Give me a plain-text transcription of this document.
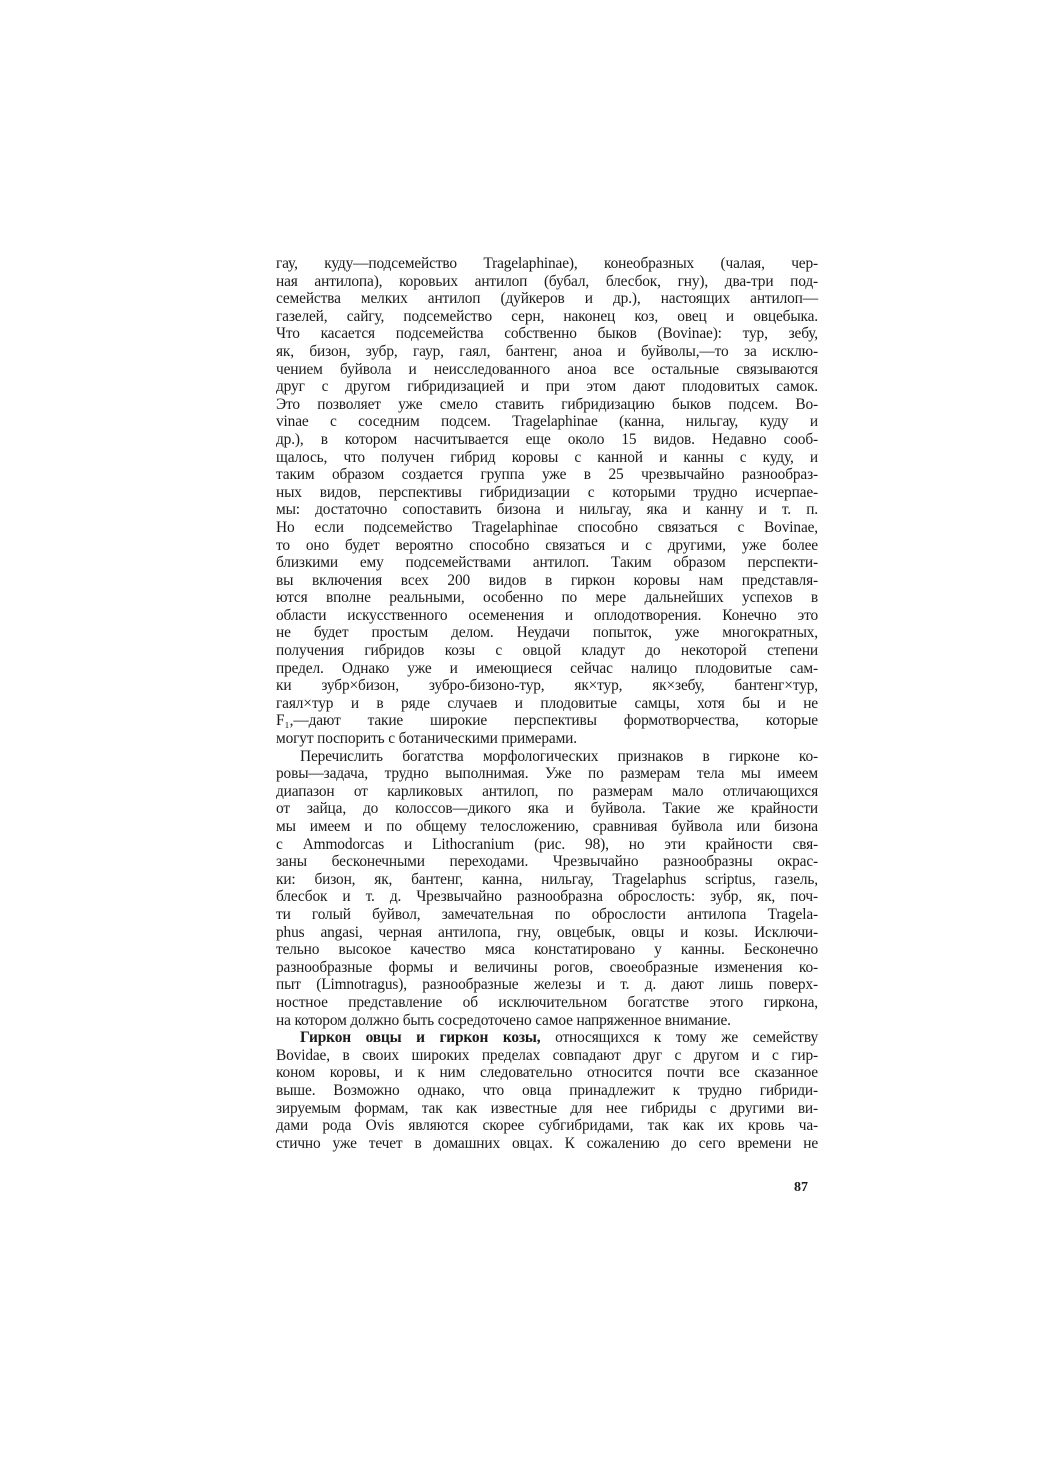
гау, куду—подсемейство Tragelaphinae), конеобразных (чалая, чер-
ная антилопа), коровьих антилоп (бубал, блесбок, гну), два-три под-
семейства мелких антилоп (дуйкеров и др.), настоящих антилоп—
газелей, сайгу, подсемейство серн, наконец коз, овец и овцебыка.
Что касается подсемейства собственно быков (Bovinae): тур, зебу,
як, бизон, зубр, гаур, гаял, бантенг, аноа и буйволы,—то за исклю-
чением буйвола и неисследованного аноа все остальные связываются
друг с другом гибридизацией и при этом дают плодовитых самок.
Это позволяет уже смело ставить гибридизацию быков подсем. Bo-
vinae с соседним подсем. Tragelaphinae (канна, нильгау, куду и
др.), в котором насчитывается еще около 15 видов. Недавно сооб-
щалось, что получен гибрид коровы с канной и канны с куду, и
таким образом создается группа уже в 25 чрезвычайно разнообраз-
ных видов, перспективы гибридизации с которыми трудно исчерпае-
мы: достаточно сопоставить бизона и нильгау, яка и канну и т. п.
Но если подсемейство Tragelaphinae способно связаться с Bovinae,
то оно будет вероятно способно связаться и с другими, уже более
близкими ему подсемействами антилоп. Таким образом перспекти-
вы включения всех 200 видов в гиркон коровы нам представля-
ются вполне реальными, особенно по мере дальнейших успехов в
области искусственного осеменения и оплодотворения. Конечно это
не будет простым делом. Неудачи попыток, уже многократных,
получения гибридов козы с овцой кладут до некоторой степени
предел. Однако уже и имеющиеся сейчас налицо плодовитые сам-
ки зубр×бизон, зубро-бизоно-тур, як×тур, як×зебу, бантенг×тур,
гаял×тур и в ряде случаев и плодовитые самцы, хотя бы и не
F₁,—дают такие широкие перспективы формотворчества, которые
могут поспорить с ботаническими примерами.
Перечислить богатства морфологических признаков в гирконе ко-
ровы—задача, трудно выполнимая. Уже по размерам тела мы имеем
диапазон от карликовых антилоп, по размерам мало отличающихся
от зайца, до колоссов—дикого яка и буйвола. Такие же крайности
мы имеем и по общему телосложению, сравнивая буйвола или бизона
с Ammodorcas и Lithocranium (рис. 98), но эти крайности свя-
заны бесконечными переходами. Чрезвычайно разнообразны окрас-
ки: бизон, як, бантенг, канна, нильгау, Tragelaphus scriptus, газель,
блесбок и т. д. Чрезвычайно разнообразна оброслость: зубр, як, поч-
ти голый буйвол, замечательная по оброслости антилопа Tragela-
phus angasi, черная антилопа, гну, овцебык, овцы и козы. Исключи-
тельно высокое качество мяса констатировано у канны. Бесконечно
разнообразные формы и величины рогов, своеобразные изменения ко-
пыт (Limnotragus), разнообразные железы и т. д. дают лишь поверх-
ностное представление об исключительном богатстве этого гиркона,
на котором должно быть сосредоточено самое напряженное внимание.
Гиркон овцы и гиркон козы, относящихся к тому же семейству
Bovidae, в своих широких пределах совпадают друг с другом и с гир-
коном коровы, и к ним следовательно относится почти все сказанное
выше. Возможно однако, что овца принадлежит к трудно гибриди-
зируемым формам, так как известные для нее гибриды с другими ви-
дами рода Ovis являются скорее субгибридами, так как их кровь ча-
стично уже течет в домашних овцах. К сожалению до сего времени не
87
